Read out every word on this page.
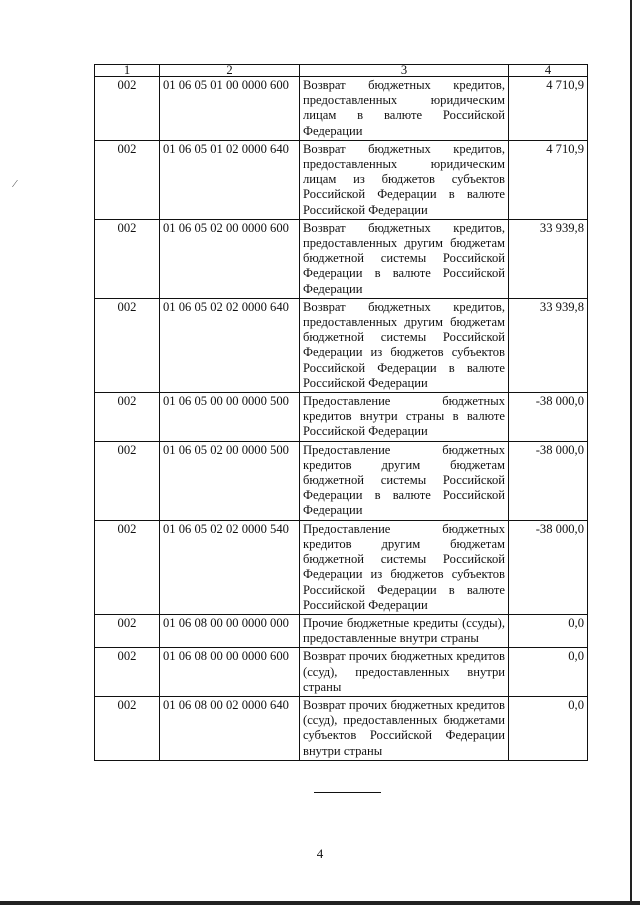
⁄
1	2	3	4
002	01 06 05 01 00 0000 600	Возврат бюджетных кредитов, предоставленных юридическим лицам в валюте Российской Федерации	4 710,9
002	01 06 05 01 02 0000 640	Возврат бюджетных кредитов, предоставленных юридическим лицам из бюджетов субъектов Российской Федерации в валюте Российской Федерации	4 710,9
002	01 06 05 02 00 0000 600	Возврат бюджетных кредитов, предоставленных другим бюджетам бюджетной системы Российской Федерации в валюте Российской Федерации	33 939,8
002	01 06 05 02 02 0000 640	Возврат бюджетных кредитов, предоставленных другим бюджетам бюджетной системы Российской Федерации из бюджетов субъектов Российской Федерации в валюте Российской Федерации	33 939,8
002	01 06 05 00 00 0000 500	Предоставление бюджетных кредитов внутри страны в валюте Российской Федерации	-38 000,0
002	01 06 05 02 00 0000 500	Предоставление бюджетных кредитов другим бюджетам бюджетной системы Российской Федерации в валюте Российской Федерации	-38 000,0
002	01 06 05 02 02 0000 540	Предоставление бюджетных кредитов другим бюджетам бюджетной системы Российской Федерации из бюджетов субъектов Российской Федерации в валюте Российской Федерации	-38 000,0
002	01 06 08 00 00 0000 000	Прочие бюджетные кредиты (ссуды), предоставленные внутри страны	0,0
002	01 06 08 00 00 0000 600	Возврат прочих бюджетных кредитов (ссуд), предоставленных внутри страны	0,0
002	01 06 08 00 02 0000 640	Возврат прочих бюджетных кредитов (ссуд), предоставленных бюджетами субъектов Российской Федерации внутри страны	0,0
4
